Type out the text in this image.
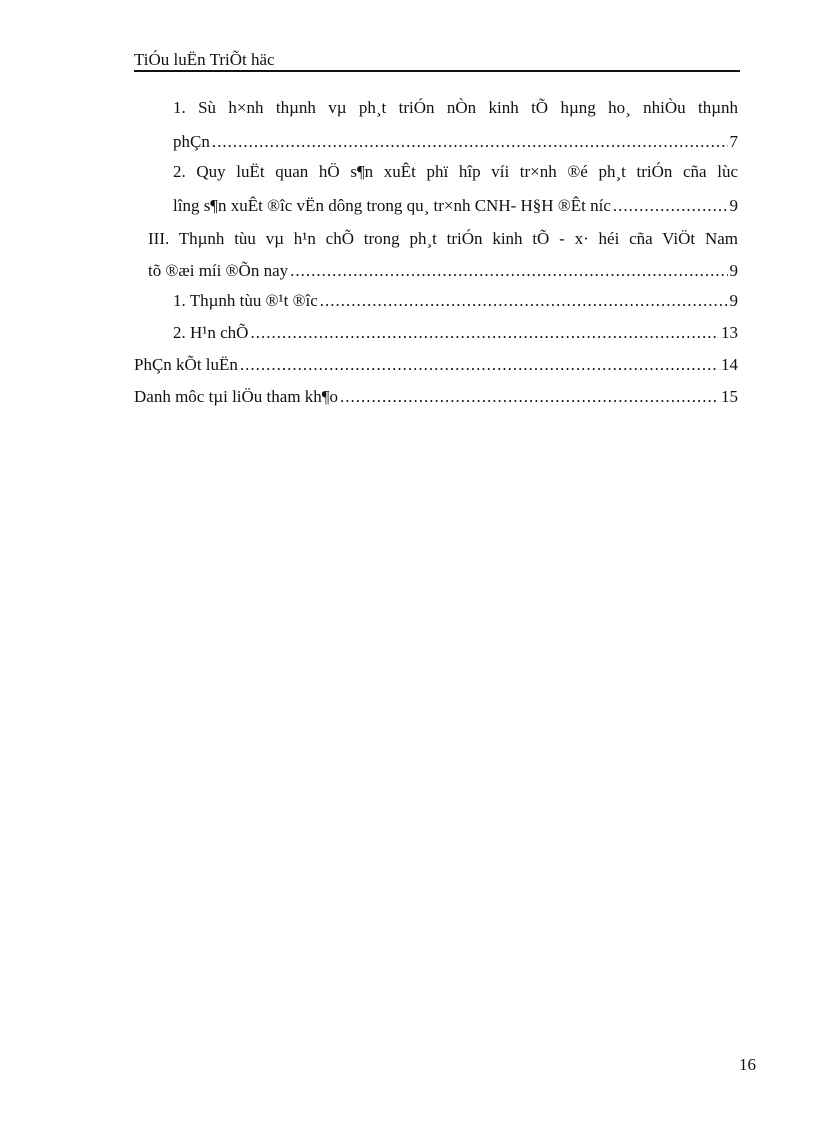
TiÓu luËn TriÕt häc
1. Sù h×nh thµnh vµ ph¸t triÓn nÒn kinh tÕ hµng ho¸ nhiÒu thµnh
phÇn .....	7
2. Quy luËt quan hÖ s¶n xuÊt phï hîp víi tr×nh ®é ph¸t triÓn cña lùc
lîng s¶n xuÊt ®îc vËn dông trong qu¸ tr×nh CNH- H§H ®Êt níc .....	9
III. Thµnh tùu vµ h¹n chÕ trong ph¸t triÓn kinh tÕ - x· héi cña ViÖt Nam
tõ ®æi míi ®Õn nay .....	9
1. Thµnh tùu ®¹t ®îc .....	9
2. H¹n chÕ .....	13
PhÇn kÕt luËn .....	14
Danh môc tµi liÖu tham kh¶o .....	15
16
